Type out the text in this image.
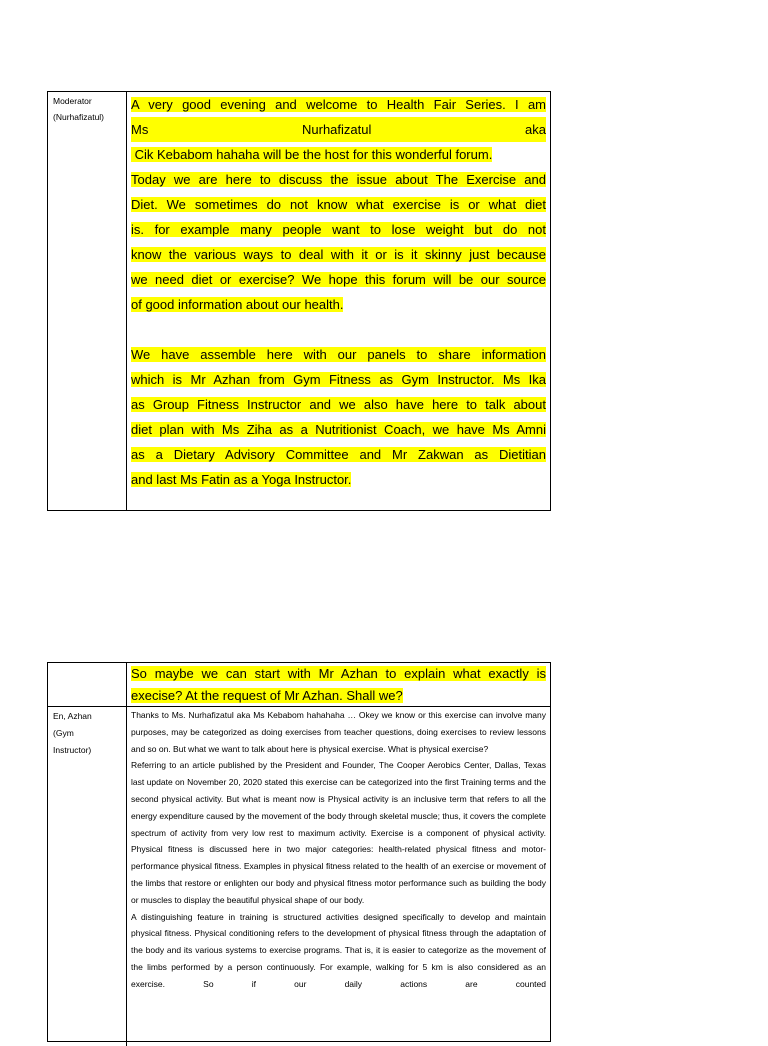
Moderator
(Nurhafizatul)
A very good evening and welcome to Health Fair Series. I am
Ms	Nurhafizatul	aka
Cik Kebabom hahaha will be the host for this wonderful forum.
Today we are here to discuss the issue about The Exercise and
Diet. We sometimes do not know what exercise is or what diet
is. for example many people want to lose weight but do not
know the various ways to deal with it or is it skinny just because
we need diet or exercise? We hope this forum will be our source
of good information about our health.
We have assemble here with our panels to share information
which is Mr Azhan from Gym Fitness as Gym Instructor. Ms Ika
as Group Fitness Instructor and we also have here to talk about
diet plan with Ms Ziha as a Nutritionist Coach, we have Ms Amni
as a Dietary Advisory Committee and Mr Zakwan as Dietitian
and last Ms Fatin as a Yoga Instructor.
So maybe we can start with Mr Azhan to explain what exactly is
execise? At the request of Mr Azhan. Shall we?
En, Azhan
(Gym
Instructor)

Thanks to Ms. Nurhafizatul aka Ms Kebabom hahahaha … Okey we know or this exercise can involve many purposes, may be categorized as doing exercises from teacher questions, doing exercises to review lessons and so on. But what we want to talk about here is physical exercise. What is physical exercise?

Referring to an article published by the President and Founder, The Cooper Aerobics Center, Dallas, Texas last update on November 20, 2020 stated this exercise can be categorized into the first Training terms and the second physical activity. But what is meant now is Physical activity is an inclusive term that refers to all the energy expenditure caused by the movement of the body through skeletal muscle; thus, it covers the complete spectrum of activity from very low rest to maximum activity. Exercise is a component of physical activity. Physical fitness is discussed here in two major categories: health-related physical fitness and motor-performance physical fitness. Examples in physical fitness related to the health of an exercise or movement of the limbs that restore or enlighten our body and physical fitness motor performance such as building the body or muscles to display the beautiful physical shape of our body.

A distinguishing feature in training is structured activities designed specifically to develop and maintain physical fitness. Physical conditioning refers to the development of physical fitness through the adaptation of the body and its various systems to exercise programs. That is, it is easier to categorize as the movement of the limbs performed by a person continuously. For example, walking for 5 km is also considered as an exercise. So if our daily actions are counted
